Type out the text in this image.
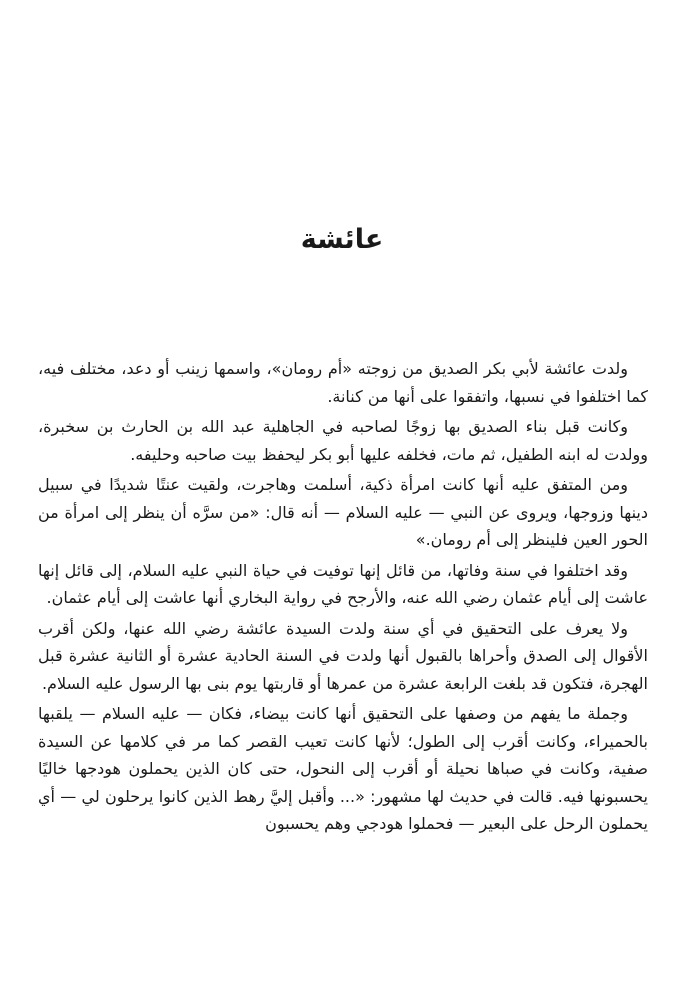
عائشة

ولدت عائشة لأبي بكر الصديق من زوجته «أم رومان»، واسمها زينب أو دعد، مختلف فيه، كما اختلفوا في نسبها، واتفقوا على أنها من كنانة.

وكانت قبل بناء الصديق بها زوجًا لصاحبه في الجاهلية عبد الله بن الحارث بن سخبرة، وولدت له ابنه الطفيل، ثم مات، فخلفه عليها أبو بكر ليحفظ بيت صاحبه وحليفه.

ومن المتفق عليه أنها كانت امرأة ذكية، أسلمت وهاجرت، ولقيت عنتًا شديدًا في سبيل دينها وزوجها، ويروى عن النبي — عليه السلام — أنه قال: «من سرَّه أن ينظر إلى امرأة من الحور العين فلينظر إلى أم رومان.»

وقد اختلفوا في سنة وفاتها، من قائل إنها توفيت في حياة النبي عليه السلام، إلى قائل إنها عاشت إلى أيام عثمان رضي الله عنه، والأرجح في رواية البخاري أنها عاشت إلى أيام عثمان.

ولا يعرف على التحقيق في أي سنة ولدت السيدة عائشة رضي الله عنها، ولكن أقرب الأقوال إلى الصدق وأحراها بالقبول أنها ولدت في السنة الحادية عشرة أو الثانية عشرة قبل الهجرة، فتكون قد بلغت الرابعة عشرة من عمرها أو قاربتها يوم بنى بها الرسول عليه السلام.

وجملة ما يفهم من وصفها على التحقيق أنها كانت بيضاء، فكان — عليه السلام — يلقبها بالحميراء، وكانت أقرب إلى الطول؛ لأنها كانت تعيب القصر كما مر في كلامها عن السيدة صفية، وكانت في صباها نحيلة أو أقرب إلى النحول، حتى كان الذين يحملون هودجها خاليًا يحسبونها فيه. قالت في حديث لها مشهور: «... وأقبل إليَّ رهط الذين كانوا يرحلون لي — أي يحملون الرحل على البعير — فحملوا هودجي وهم يحسبون
